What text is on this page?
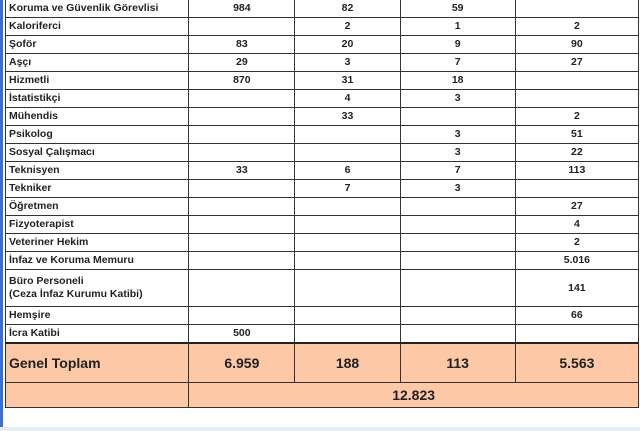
Koruma ve Güvenlik Görevlisi	984	82	59	

Kaloriferci		2	1	2

Şoför	83	20	9	90

Aşçı	29	3	7	27

Hizmetli	870	31	18	

İstatistikçi		4	3	

Mühendis		33		2

Psikolog			3	51

Sosyal Çalışmacı			3	22

Teknisyen	33	6	7	113

Tekniker		7	3	

Öğretmen				27

Fizyoterapist				4

Veteriner Hekim				2

İnfaz ve Koruma Memuru				5.016

Büro Personeli
(Ceza İnfaz Kurumu Katibi)				141

Hemşire				66

İcra Katibi	500			
Genel Toplam	6.959	188	113	5.563
	12.823			
